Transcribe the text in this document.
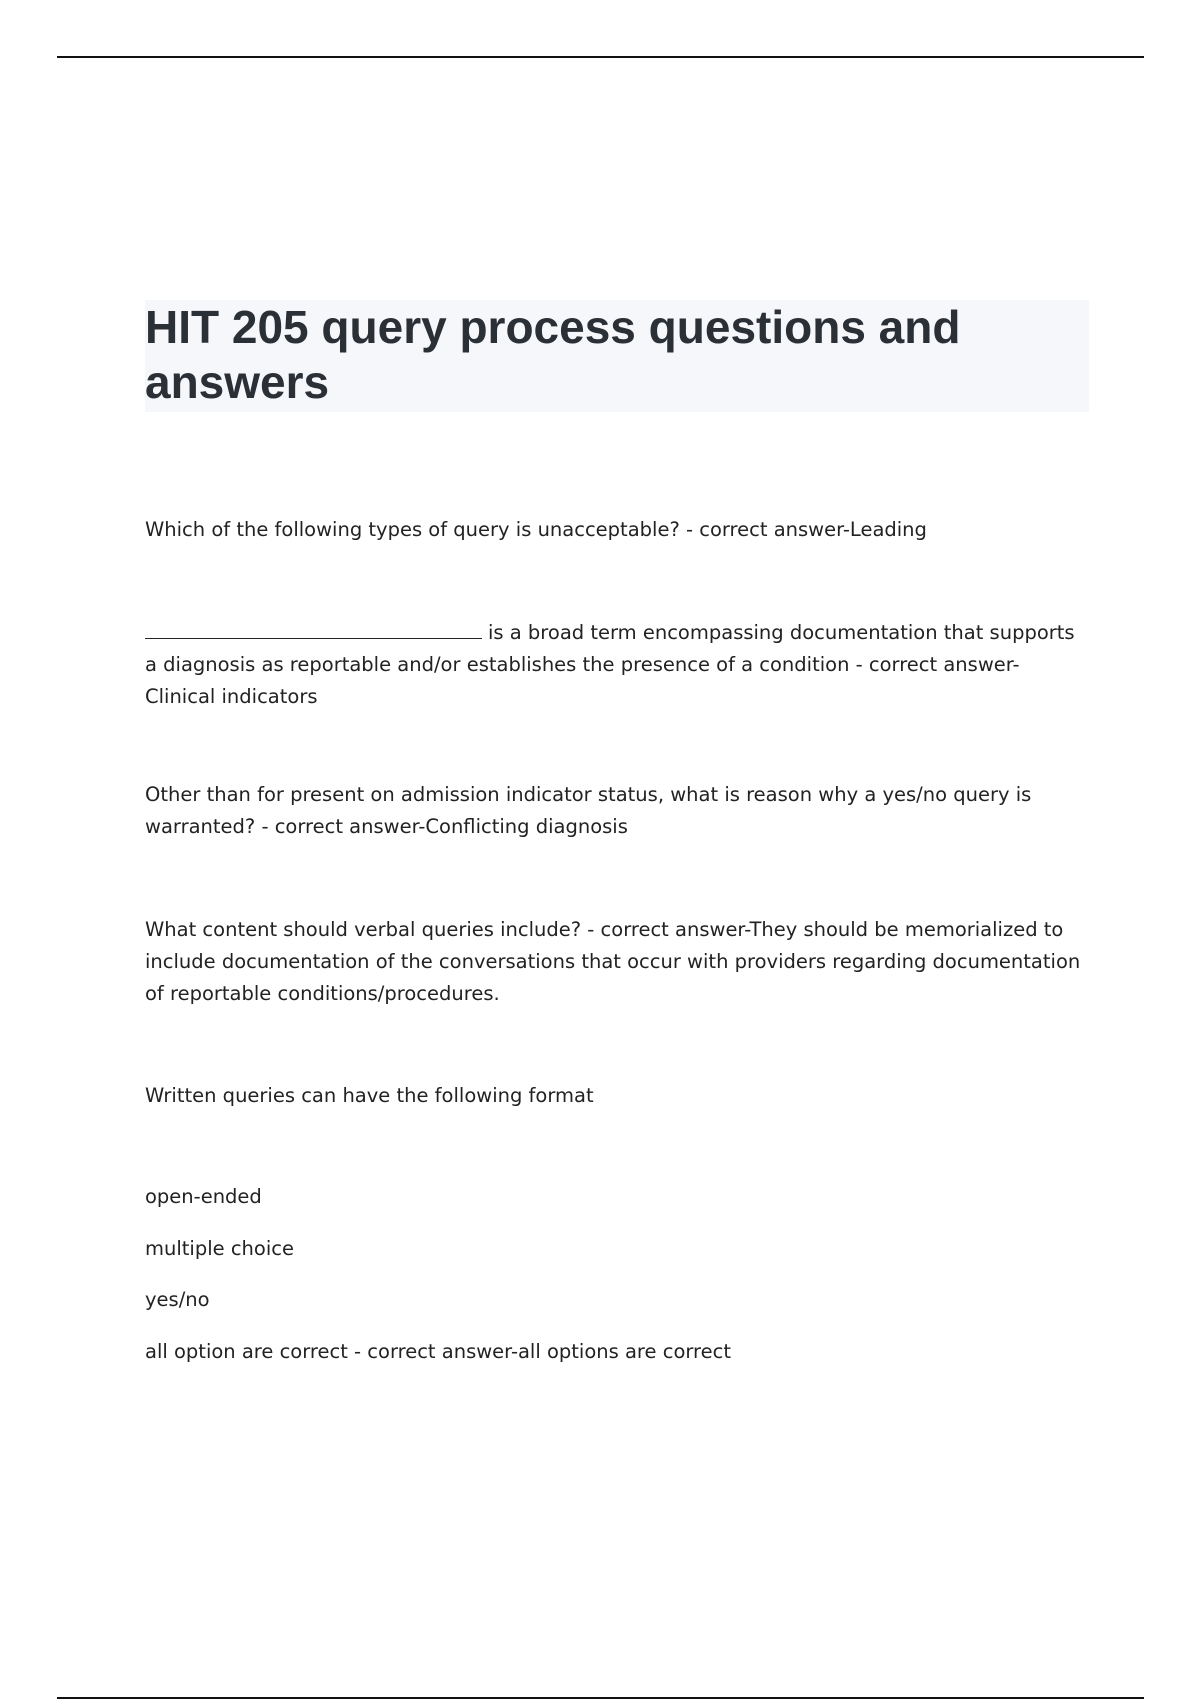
HIT 205 query process questions and answers

Which of the following types of query is unacceptable? - correct answer-Leading

is a broad term encompassing documentation that supports a diagnosis as reportable and/or establishes the presence of a condition - correct answer-Clinical indicators

Other than for present on admission indicator status, what is reason why a yes/no query is warranted? - correct answer-Conflicting diagnosis

What content should verbal queries include? - correct answer-They should be memorialized to include documentation of the conversations that occur with providers regarding documentation of reportable conditions/procedures.

Written queries can have the following format

open-ended

multiple choice

yes/no

all option are correct - correct answer-all options are correct
